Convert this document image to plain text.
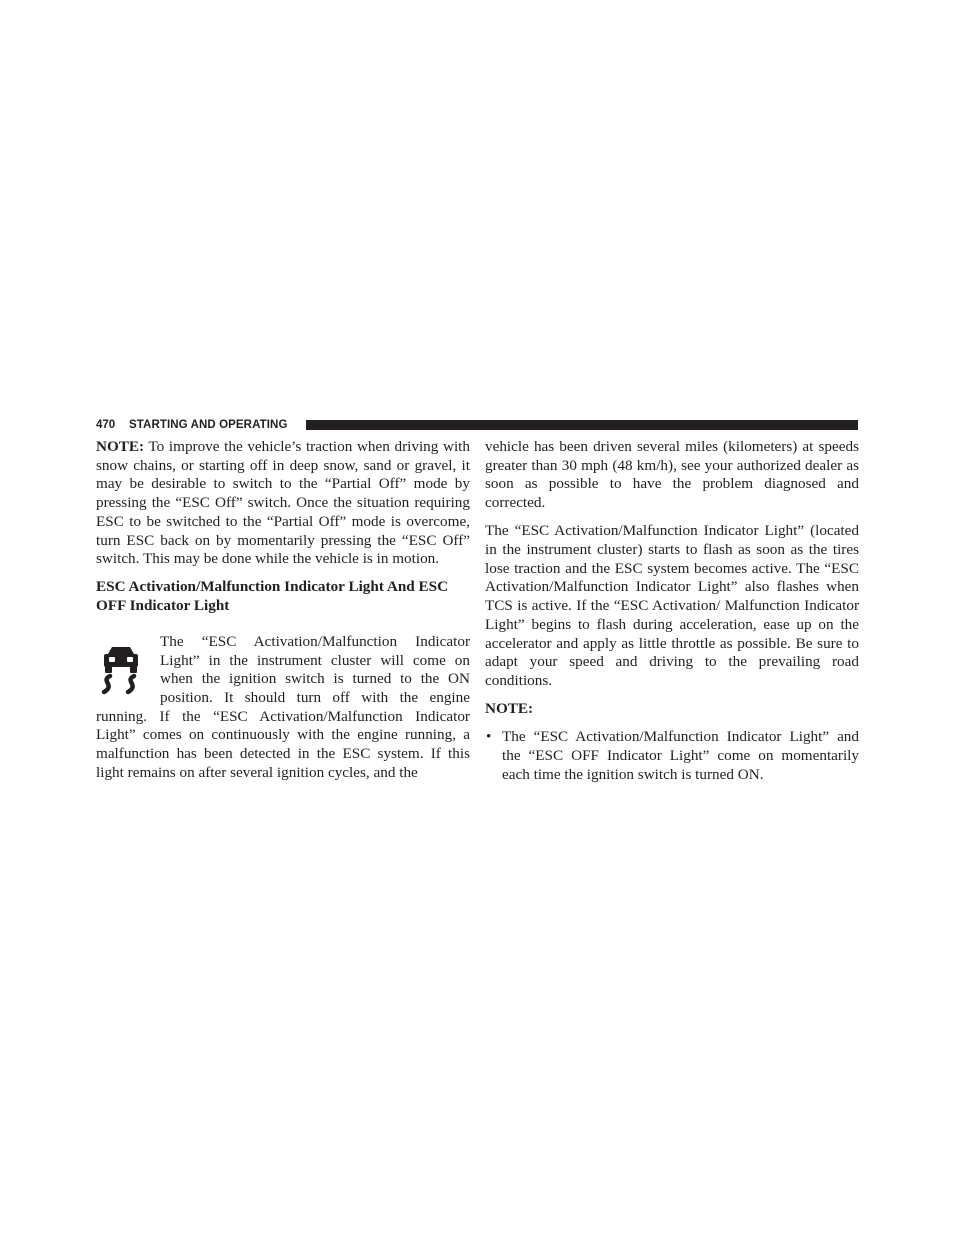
470 STARTING AND OPERATING

NOTE: To improve the vehicle’s traction when driving with snow chains, or starting off in deep snow, sand or gravel, it may be desirable to switch to the “Partial Off” mode by pressing the “ESC Off” switch. Once the situation requiring ESC to be switched to the “Partial Off” mode is overcome, turn ESC back on by momentarily pressing the “ESC Off” switch. This may be done while the vehicle is in motion.

ESC Activation/Malfunction Indicator Light And ESC OFF Indicator Light

The “ESC Activation/Malfunction Indicator Light” in the instrument cluster will come on when the ignition switch is turned to the ON position. It should turn off with the engine running. If the “ESC Activation/Malfunction Indicator Light” comes on continuously with the engine running, a malfunction has been detected in the ESC system. If this light remains on after several ignition cycles, and the

vehicle has been driven several miles (kilometers) at speeds greater than 30 mph (48 km/h), see your authorized dealer as soon as possible to have the problem diagnosed and corrected.

The “ESC Activation/Malfunction Indicator Light” (located in the instrument cluster) starts to flash as soon as the tires lose traction and the ESC system becomes active. The “ESC Activation/Malfunction Indicator Light” also flashes when TCS is active. If the “ESC Activation/ Malfunction Indicator Light” begins to flash during acceleration, ease up on the accelerator and apply as little throttle as possible. Be sure to adapt your speed and driving to the prevailing road conditions.

NOTE:

• The “ESC Activation/Malfunction Indicator Light” and the “ESC OFF Indicator Light” come on momentarily each time the ignition switch is turned ON.
